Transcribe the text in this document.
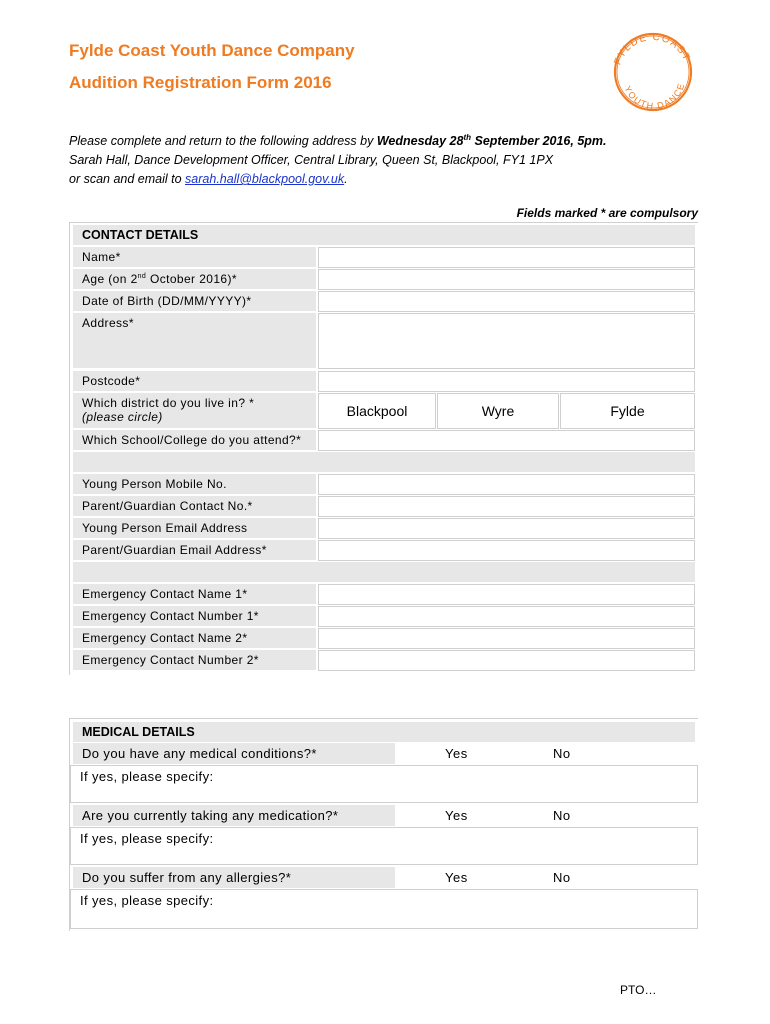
Fylde Coast Youth Dance Company
Audition Registration Form 2016
FYLDE COAST
YOUTH DANCE
Please complete and return to the following address by Wednesday 28th September 2016, 5pm.
Sarah Hall, Dance Development Officer, Central Library, Queen St, Blackpool, FY1 1PX
or scan and email to sarah.hall@blackpool.gov.uk.
Fields marked * are compulsory
CONTACT DETAILS
Name*
Age (on 2nd October 2016)*
Date of Birth (DD/MM/YYYY)*
Address*
Postcode*
Which district do you live in? *
(please circle)	Blackpool	Wyre	Fylde
Which School/College do you attend?*
Young Person Mobile No.
Parent/Guardian Contact No.*
Young Person Email Address
Parent/Guardian Email Address*
Emergency Contact Name 1*
Emergency Contact Number 1*
Emergency Contact Name 2*
Emergency Contact Number 2*
MEDICAL DETAILS
Do you have any medical conditions?*	Yes	No
If yes, please specify:
Are you currently taking any medication?*	Yes	No
If yes, please specify:
Do you suffer from any allergies?*	Yes	No
If yes, please specify:
PTO…
